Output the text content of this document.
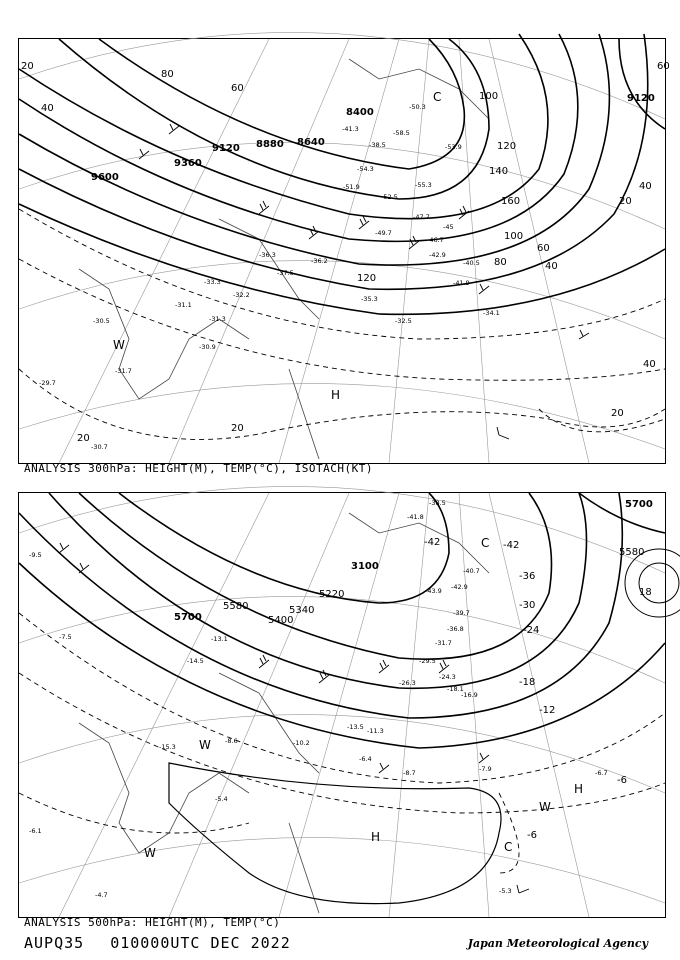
9600
9360
9120 8880 8640
8400
9120
20
40
60
80
100
120
140
160
120
100
80
60
40
20
20
40
60
40
20
20
C
H
W
-38.5
-41.3
-53.9
-58.5
-50.3
-54.3
-47.7
-46.7
-45
-42.9
-40.5
-34.1
-35.3
-36.2
-32.5
-32.2
-33.3
-31.1
-31.3
-30.5
-31.7
-30.9
-29.7
-30.7
-36.3
-37.5
-51.9
-52.5
-55.3
-49.7
-41.9
ANALYSIS 300hPa: HEIGHT(M), TEMP(°C), ISOTACH(KT)
5700
5580
5400
5340
5220
3100
5580
5700
-42	-42
-36
-30
-24
-18
-12
-6
18
-6
C
H
H
W
W	C
W
-38.5
-41.8
-42.9
-43.9
-40.7
-39.7
-36.8
-31.7
-29.5
-26.3
-24.3
-18.1
-16.9
-13.5 -11.3
-10.2
-8.6
-8.7	-7.9	-6.7
-6.4
-5.4
-7.5
-9.5
-13.1
-14.5
-15.3
-5.3
-4.7
-6.1
ANALYSIS 500hPa: HEIGHT(M), TEMP(°C)
AUPQ35 010000UTC DEC 2022	Japan Meteorological Agency
